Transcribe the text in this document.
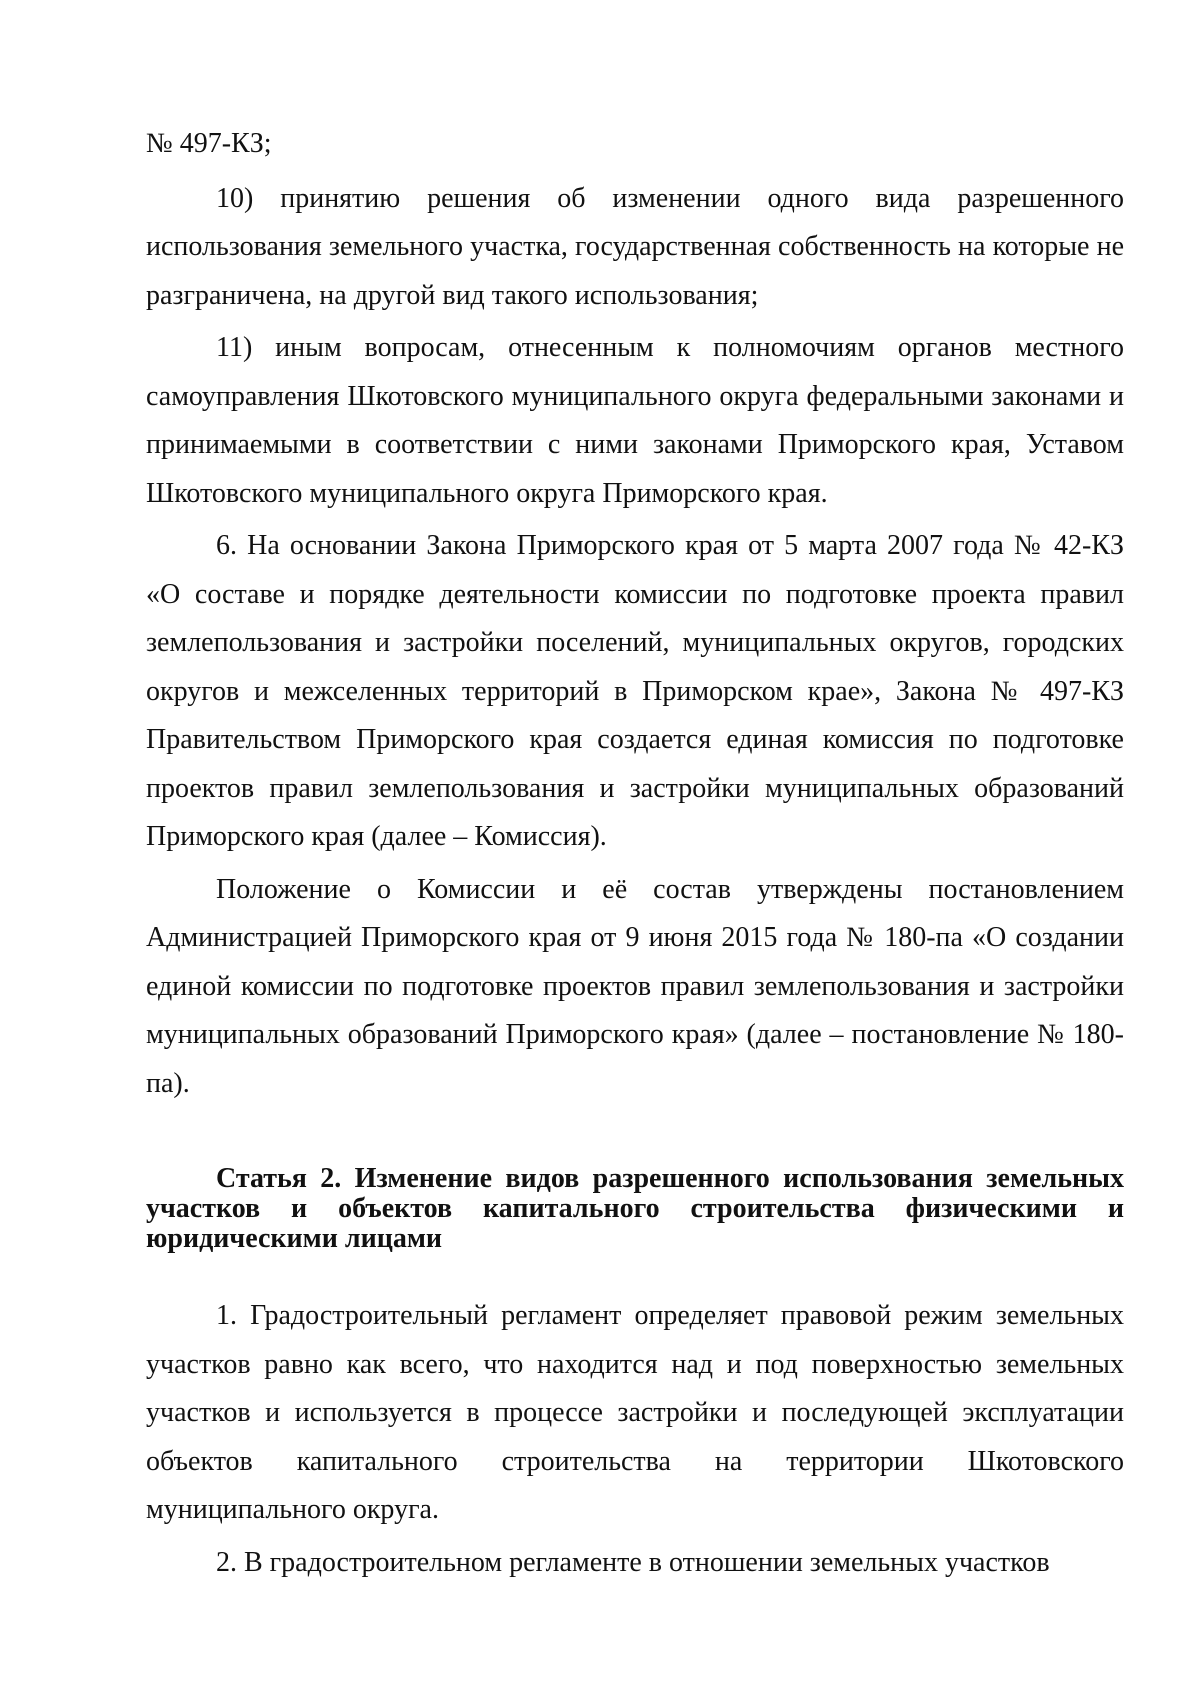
№ 497-КЗ;

10) принятию решения об изменении одного вида разрешенного использования земельного участка, государственная собственность на которые не разграничена, на другой вид такого использования;

11) иным вопросам, отнесенным к полномочиям органов местного самоуправления Шкотовского муниципального округа федеральными законами и принимаемыми в соответствии с ними законами Приморского края, Уставом Шкотовского муниципального округа Приморского края.

6. На основании Закона Приморского края от 5 марта 2007 года № 42-КЗ «О составе и порядке деятельности комиссии по подготовке проекта правил землепользования и застройки поселений, муниципальных округов, городских округов и межселенных территорий в Приморском крае», Закона № 497-КЗ Правительством Приморского края создается единая комиссия по подготовке проектов правил землепользования и застройки муниципальных образований Приморского края (далее – Комиссия).

Положение о Комиссии и её состав утверждены постановлением Администрацией Приморского края от 9 июня 2015 года № 180-па «О создании единой комиссии по подготовке проектов правил землепользования и застройки муниципальных образований Приморского края» (далее – постановление № 180-па).

Статья 2. Изменение видов разрешенного использования земельных участков и объектов капитального строительства физическими и юридическими лицами

1. Градостроительный регламент определяет правовой режим земельных участков равно как всего, что находится над и под поверхностью земельных участков и используется в процессе застройки и последующей эксплуатации объектов капитального строительства на территории Шкотовского муниципального округа.

2. В градостроительном регламенте в отношении земельных участков
